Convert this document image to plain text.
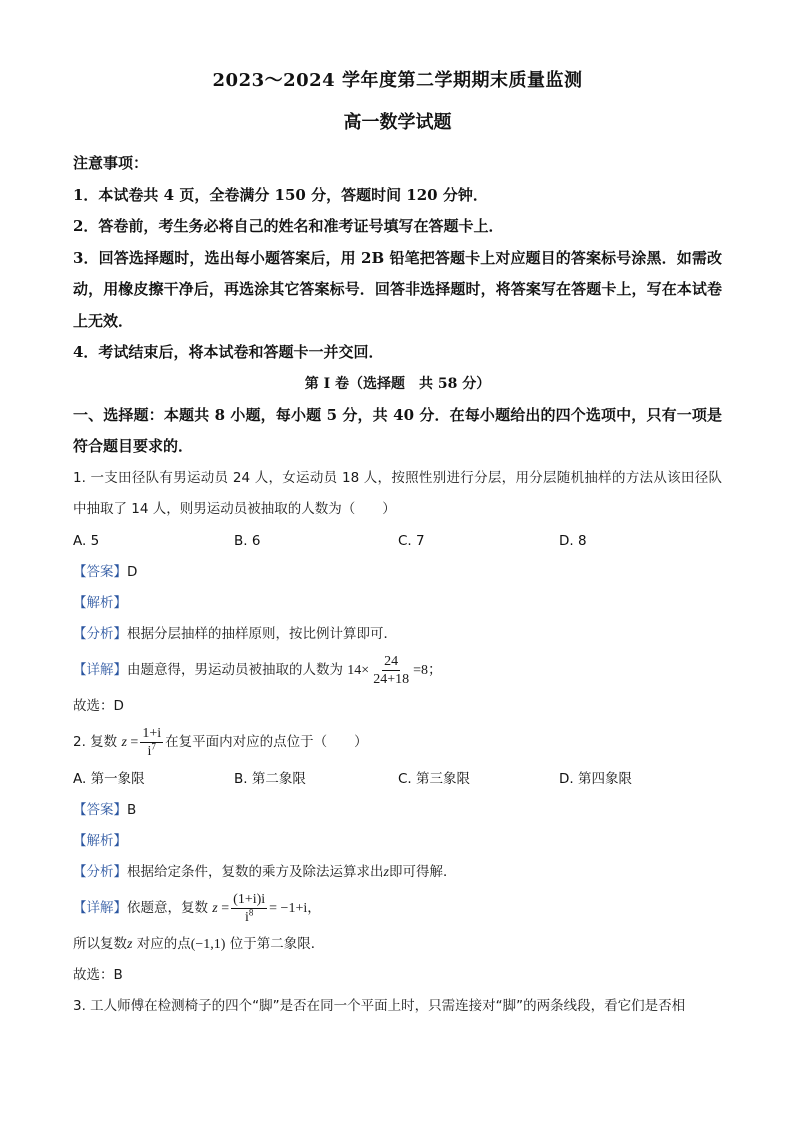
2023～2024 学年度第二学期期末质量监测
高一数学试题
注意事项：
1．本试卷共 4 页，全卷满分 150 分，答题时间 120 分钟．
2．答卷前，考生务必将自己的姓名和准考证号填写在答题卡上．
3．回答选择题时，选出每小题答案后，用 2B 铅笔把答题卡上对应题目的答案标号涂黑．如需改动，用橡皮擦干净后，再选涂其它答案标号．回答非选择题时，将答案写在答题卡上，写在本试卷上无效．
4．考试结束后，将本试卷和答题卡一并交回．
第 I 卷（选择题　共 58 分）
一、选择题：本题共 8 小题，每小题 5 分，共 40 分．在每小题给出的四个选项中，只有一项是符合题目要求的．
1. 一支田径队有男运动员 24 人，女运动员 18 人，按照性别进行分层，用分层随机抽样的方法从该田径队中抽取了 14 人，则男运动员被抽取的人数为（　　）
A. 5	B. 6	C. 7	D. 8
【答案】D
【解析】
【分析】根据分层抽样的抽样原则，按比例计算即可．
【详解】由题意得，男运动员被抽取的人数为 $14\times \frac{24}{24+18} =8$；
故选：D
2. 复数 $z = \frac{1+i}{i^7}$ 在复平面内对应的点位于（　　）
A. 第一象限	B. 第二象限	C. 第三象限	D. 第四象限
【答案】B
【解析】
【分析】根据给定条件，复数的乘方及除法运算求出z即可得解．
【详解】依题意，复数 $z = \frac{(1+i)i}{i^8} = -1+i$，
所以复数z 对应的点(−1,1) 位于第二象限．
故选：B
3. 工人师傅在检测椅子的四个“脚”是否在同一个平面上时，只需连接对“脚”的两条线段，看它们是否相
